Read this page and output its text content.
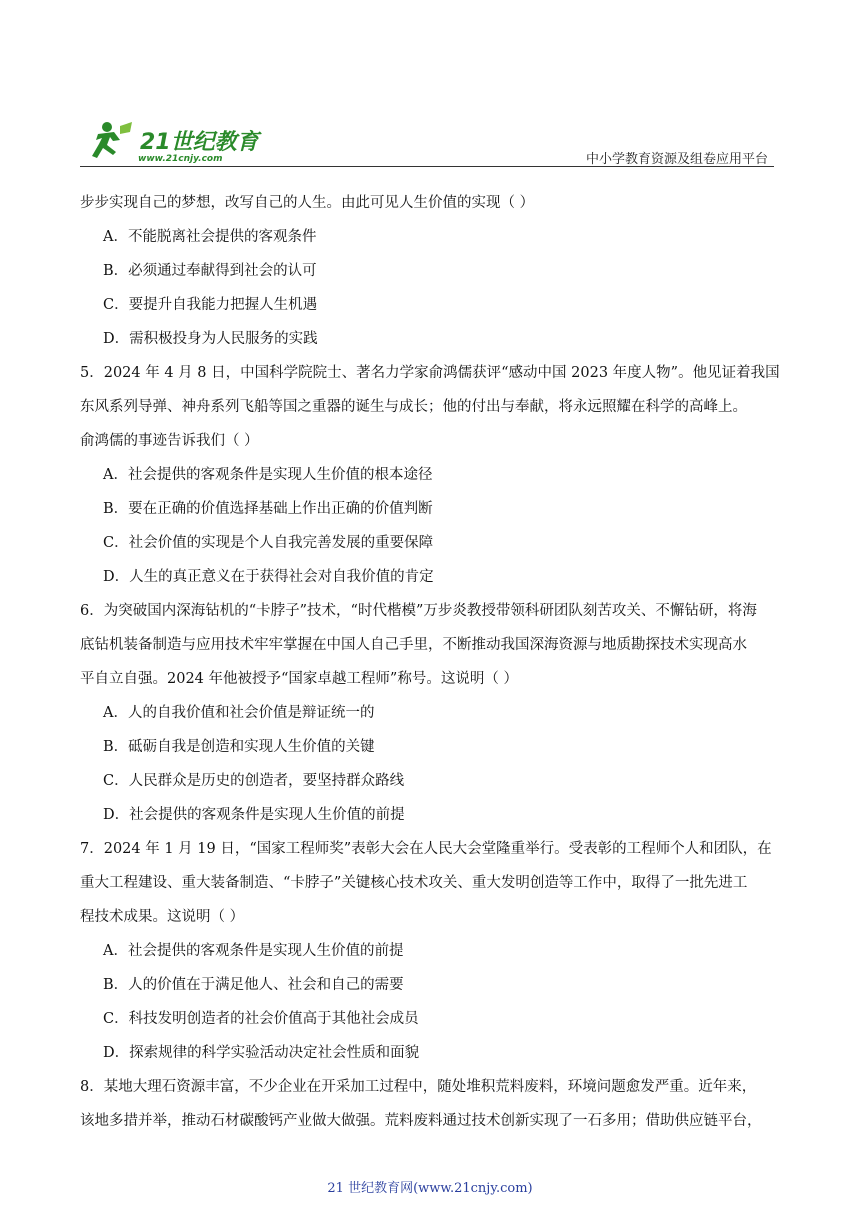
21世纪教育
www.21cnjy.com	中小学教育资源及组卷应用平台

步步实现自己的梦想，改写自己的人生。由此可见人生价值的实现（ ）

A．不能脱离社会提供的客观条件

B．必须通过奉献得到社会的认可

C．要提升自我能力把握人生机遇

D．需积极投身为人民服务的实践

5．2024 年 4 月 8 日，中国科学院院士、著名力学家俞鸿儒获评“感动中国 2023 年度人物”。他见证着我国

东风系列导弹、神舟系列飞船等国之重器的诞生与成长；他的付出与奉献，将永远照耀在科学的高峰上。

俞鸿儒的事迹告诉我们（ ）

A．社会提供的客观条件是实现人生价值的根本途径

B．要在正确的价值选择基础上作出正确的价值判断

C．社会价值的实现是个人自我完善发展的重要保障

D．人生的真正意义在于获得社会对自我价值的肯定

6．为突破国内深海钻机的“卡脖子”技术，“时代楷模”万步炎教授带领科研团队刻苦攻关、不懈钻研，将海

底钻机装备制造与应用技术牢牢掌握在中国人自己手里，不断推动我国深海资源与地质勘探技术实现高水

平自立自强。2024 年他被授予“国家卓越工程师”称号。这说明（ ）

A．人的自我价值和社会价值是辩证统一的

B．砥砺自我是创造和实现人生价值的关键

C．人民群众是历史的创造者，要坚持群众路线

D．社会提供的客观条件是实现人生价值的前提

7．2024 年 1 月 19 日，“国家工程师奖”表彰大会在人民大会堂隆重举行。受表彰的工程师个人和团队，在

重大工程建设、重大装备制造、“卡脖子”关键核心技术攻关、重大发明创造等工作中，取得了一批先进工

程技术成果。这说明（ ）

A．社会提供的客观条件是实现人生价值的前提

B．人的价值在于满足他人、社会和自己的需要

C．科技发明创造者的社会价值高于其他社会成员

D．探索规律的科学实验活动决定社会性质和面貌

8．某地大理石资源丰富，不少企业在开采加工过程中，随处堆积荒料废料，环境问题愈发严重。近年来，

该地多措并举，推动石材碳酸钙产业做大做强。荒料废料通过技术创新实现了一石多用；借助供应链平台，

21 世纪教育网(www.21cnjy.com)
